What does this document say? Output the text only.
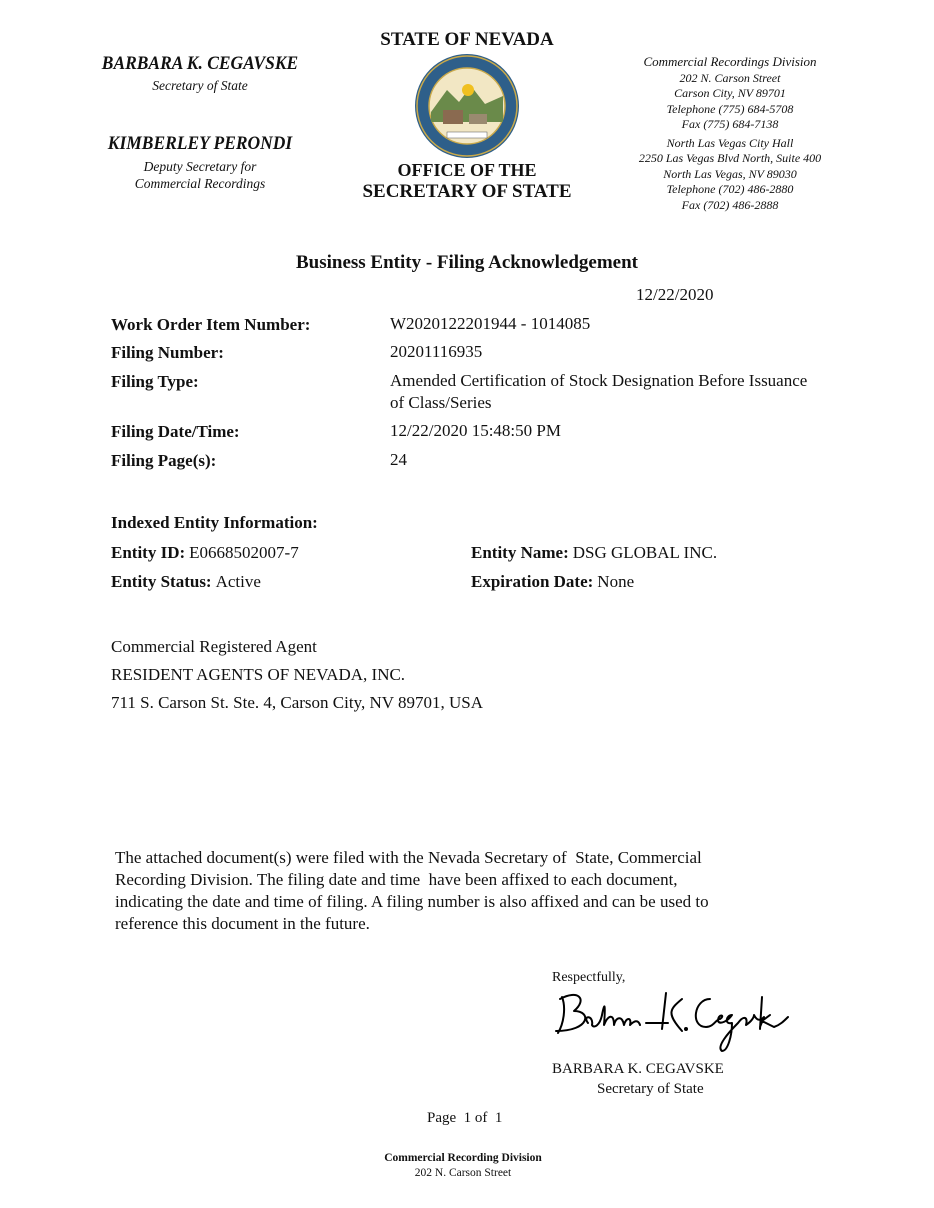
BARBARA K. CEGAVSKE
Secretary of State
KIMBERLEY PERONDI
Deputy Secretary for
Commercial Recordings
STATE OF NEVADA
OFFICE OF THE
SECRETARY OF STATE
Commercial Recordings Division
202 N. Carson Street
Carson City, NV 89701
Telephone (775) 684-5708
Fax (775) 684-7138
North Las Vegas City Hall
2250 Las Vegas Blvd North, Suite 400
North Las Vegas, NV 89030
Telephone (702) 486-2880
Fax (702) 486-2888
Business Entity - Filing Acknowledgement
12/22/2020
Work Order Item Number:	W2020122201944 - 1014085
Filing Number:	20201116935
Filing Type:	Amended Certification of Stock Designation Before Issuance
of Class/Series
Filing Date/Time:	12/22/2020 15:48:50 PM
Filing Page(s):	24
Indexed Entity Information:
Entity ID: E0668502007-7	Entity Name: DSG GLOBAL INC.
Entity Status: Active	Expiration Date: None
Commercial Registered Agent
RESIDENT AGENTS OF NEVADA, INC.
711 S. Carson St. Ste. 4, Carson City, NV 89701, USA
The attached document(s) were filed with the Nevada Secretary of  State, Commercial
Recording Division. The filing date and time  have been affixed to each document,
indicating the date and time of filing. A filing number is also affixed and can be used to
reference this document in the future.
Respectfully,
BARBARA K. CEGAVSKE
Secretary of State
Page  1 of  1
Commercial Recording Division
202 N. Carson Street
